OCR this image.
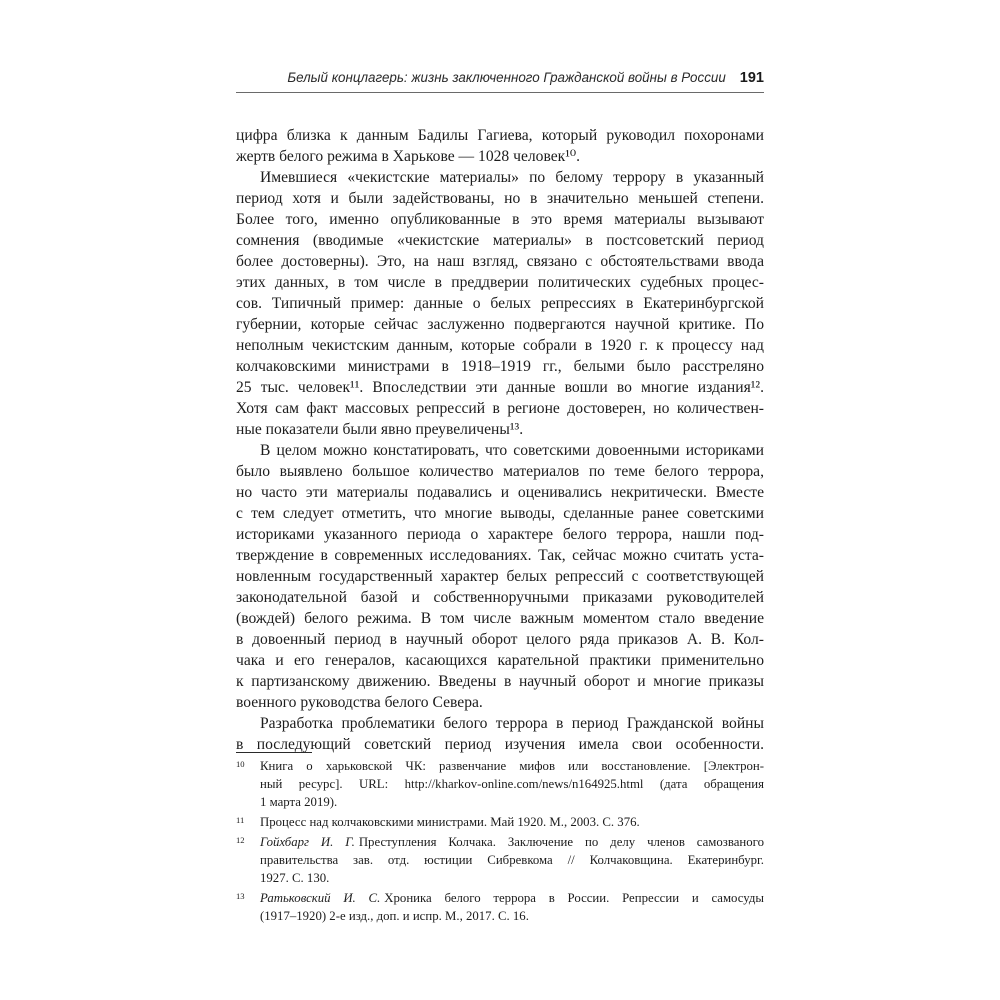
Белый концлагерь: жизнь заключенного Гражданской войны в России 191
цифра близка к данным Бадилы Гагиева, который руководил похоронами
жертв белого режима в Харькове — 1028 человек¹⁰.
Имевшиеся «чекистские материалы» по белому террору в указанный
период хотя и были задействованы, но в значительно меньшей степени.
Более того, именно опубликованные в это время материалы вызывают
сомнения (вводимые «чекистские материалы» в постсоветский период
более достоверны). Это, на наш взгляд, связано с обстоятельствами ввода
этих данных, в том числе в преддверии политических судебных процес-
сов. Типичный пример: данные о белых репрессиях в Екатеринбургской
губернии, которые сейчас заслуженно подвергаются научной критике. По
неполным чекистским данным, которые собрали в 1920 г. к процессу над
колчаковскими министрами в 1918–1919 гг., белыми было расстреляно
25 тыс. человек¹¹. Впоследствии эти данные вошли во многие издания¹².
Хотя сам факт массовых репрессий в регионе достоверен, но количествен-
ные показатели были явно преувеличены¹³.
В целом можно констатировать, что советскими довоенными историками
было выявлено большое количество материалов по теме белого террора,
но часто эти материалы подавались и оценивались некритически. Вместе
с тем следует отметить, что многие выводы, сделанные ранее советскими
историками указанного периода о характере белого террора, нашли под-
тверждение в современных исследованиях. Так, сейчас можно считать уста-
новленным государственный характер белых репрессий с соответствующей
законодательной базой и собственноручными приказами руководителей
(вождей) белого режима. В том числе важным моментом стало введение
в довоенный период в научный оборот целого ряда приказов А. В. Кол-
чака и его генералов, касающихся карательной практики применительно
к партизанскому движению. Введены в научный оборот и многие приказы
военного руководства белого Севера.
Разработка проблематики белого террора в период Гражданской войны
в последующий советский период изучения имела свои особенности.
10 Книга о харьковской ЧК: развенчание мифов или восстановление. [Электрон-
ный ресурс]. URL: http://kharkov-online.com/news/n164925.html (дата обращения
1 марта 2019).
11 Процесс над колчаковскими министрами. Май 1920. М., 2003. С. 376.
12 Гойхбарг И. Г. Преступления Колчака. Заключение по делу членов самозваного
правительства зав. отд. юстиции Сибревкома // Колчаковщина. Екатеринбург.
1927. С. 130.
13 Ратьковский И. С. Хроника белого террора в России. Репрессии и самосуды
(1917–1920) 2-е изд., доп. и испр. М., 2017. С. 16.
